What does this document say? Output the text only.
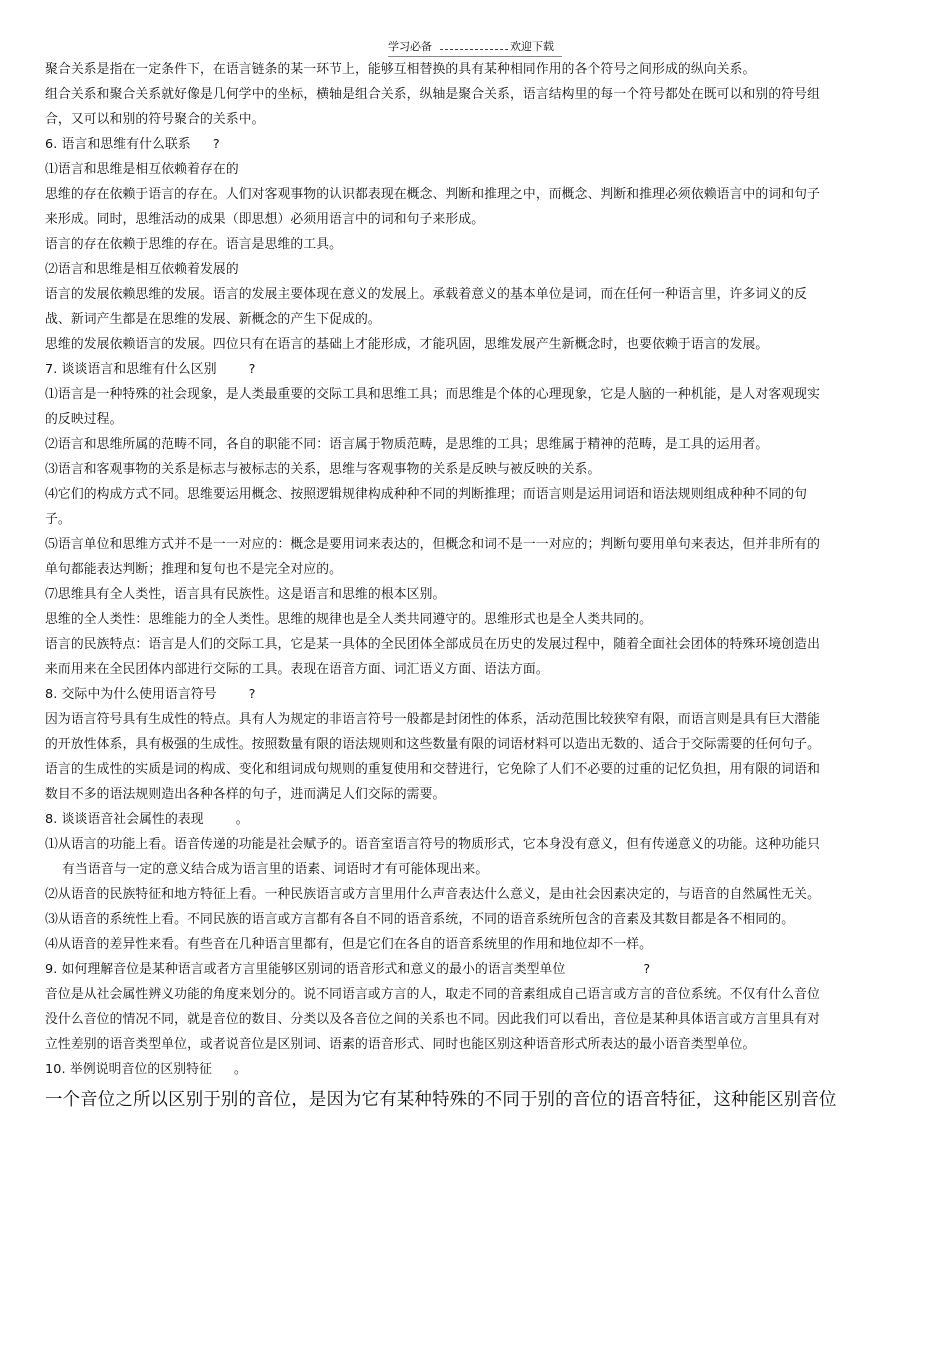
学习必备	欢迎下载

聚合关系是指在一定条件下，在语言链条的某一环节上，能够互相替换的具有某种相同作用的各个符号之间形成的纵向关系。

组合关系和聚合关系就好像是几何学中的坐标，横轴是组合关系，纵轴是聚合关系，语言结构里的每一个符号都处在既可以和别的符号组合，又可以和别的符号聚合的关系中。

6. 语言和思维有什么联系 ?

⑴语言和思维是相互依赖着存在的

思维的存在依赖于语言的存在。人们对客观事物的认识都表现在概念、判断和推理之中，而概念、判断和推理必须依赖语言中的词和句子来形成。同时，思维活动的成果（即思想）必须用语言中的词和句子来形成。

语言的存在依赖于思维的存在。语言是思维的工具。

⑵语言和思维是相互依赖着发展的

语言的发展依赖思维的发展。语言的发展主要体现在意义的发展上。承载着意义的基本单位是词，而在任何一种语言里，许多词义的反战、新词产生都是在思维的发展、新概念的产生下促成的。

思维的发展依赖语言的发展。四位只有在语言的基础上才能形成，才能巩固，思维发展产生新概念时，也要依赖于语言的发展。

7. 谈谈语言和思维有什么区别	?

⑴语言是一种特殊的社会现象，是人类最重要的交际工具和思维工具；而思维是个体的心理现象，它是人脑的一种机能，是人对客观现实的反映过程。

⑵语言和思维所属的范畴不同，各自的职能不同：语言属于物质范畴，是思维的工具；思维属于精神的范畴，是工具的运用者。

⑶语言和客观事物的关系是标志与被标志的关系，思维与客观事物的关系是反映与被反映的关系。

⑷它们的构成方式不同。思维要运用概念、按照逻辑规律构成种种不同的判断推理；而语言则是运用词语和语法规则组成种种不同的句子。

⑸语言单位和思维方式并不是一一对应的：概念是要用词来表达的，但概念和词不是一一对应的；判断句要用单句来表达，但并非所有的单句都能表达判断；推理和复句也不是完全对应的。

⑺思维具有全人类性，语言具有民族性。这是语言和思维的根本区别。

思维的全人类性：思维能力的全人类性。思维的规律也是全人类共同遵守的。思维形式也是全人类共同的。

语言的民族特点：语言是人们的交际工具，它是某一具体的全民团体全部成员在历史的发展过程中，随着全面社会团体的特殊环境创造出来而用来在全民团体内部进行交际的工具。表现在语音方面、词汇语义方面、语法方面。

8. 交际中为什么使用语言符号	?

因为语言符号具有生成性的特点。具有人为规定的非语言符号一般都是封闭性的体系，活动范围比较狭窄有限，而语言则是具有巨大潜能的开放性体系，具有极强的生成性。按照数量有限的语法规则和这些数量有限的词语材料可以造出无数的、适合于交际需要的任何句子。语言的生成性的实质是词的构成、变化和组词成句规则的重复使用和交替进行，它免除了人们不必要的过重的记忆负担，用有限的词语和数目不多的语法规则造出各种各样的句子，进而满足人们交际的需要。

8. 谈谈语音社会属性的表现	。

⑴从语言的功能上看。语音传递的功能是社会赋予的。语音室语言符号的物质形式，它本身没有意义，但有传递意义的功能。这种功能只有当语音与一定的意义结合成为语言里的语素、词语时才有可能体现出来。

⑵从语音的民族特征和地方特征上看。一种民族语言或方言里用什么声音表达什么意义，是由社会因素决定的，与语音的自然属性无关。

⑶从语音的系统性上看。不同民族的语言或方言都有各自不同的语音系统，不同的语音系统所包含的音素及其数目都是各不相同的。

⑷从语音的差异性来看。有些音在几种语言里都有，但是它们在各自的语音系统里的作用和地位却不一样。

9. 如何理解音位是某种语言或者方言里能够区别词的语音形式和意义的最小的语言类型单位	?

音位是从社会属性辨义功能的角度来划分的。说不同语言或方言的人，取走不同的音素组成自己语言或方言的音位系统。不仅有什么音位没什么音位的情况不同，就是音位的数目、分类以及各音位之间的关系也不同。因此我们可以看出，音位是某种具体语言或方言里具有对立性差别的语音类型单位，或者说音位是区别词、语素的语音形式、同时也能区别这种语音形式所表达的最小语音类型单位。

10. 举例说明音位的区别特征 。

一个音位之所以区别于别的音位，是因为它有某种特殊的不同于别的音位的语音特征，这种能区别音位
